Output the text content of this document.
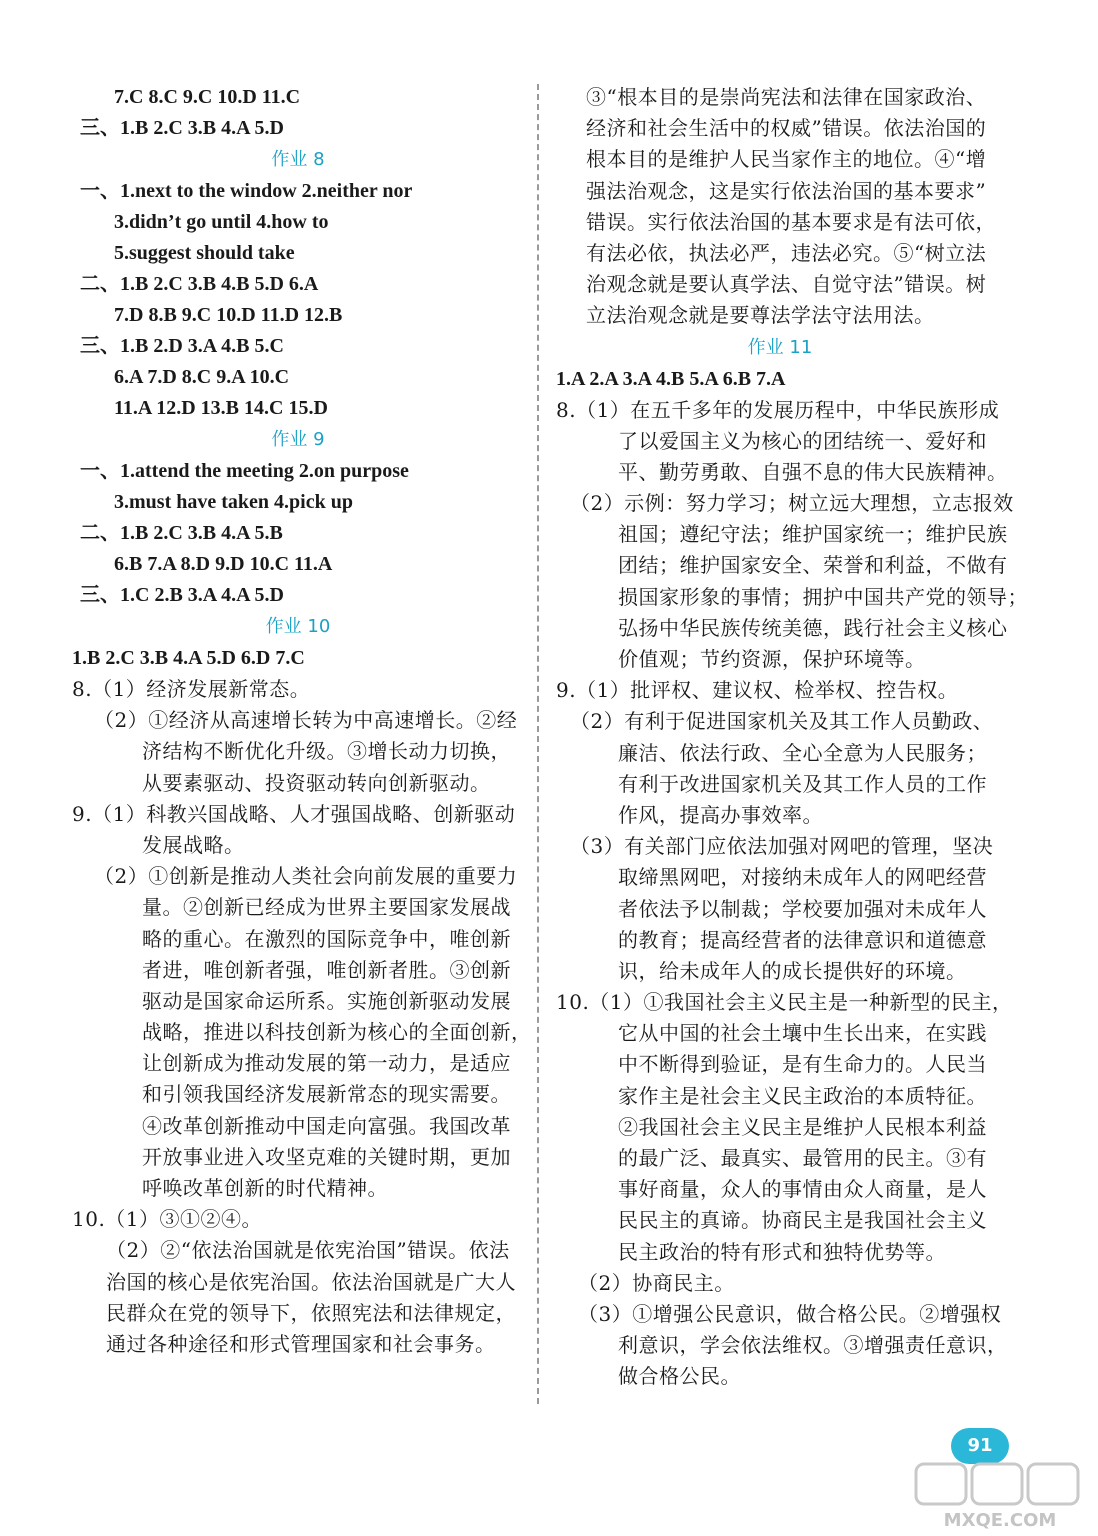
7.C 8.C 9.C 10.D 11.C
三、1.B 2.C 3.B 4.A 5.D
作业 8
一、1.next to the window 2.neither nor
3.didn’t go until 4.how to
5.suggest should take
二、1.B 2.C 3.B 4.B 5.D 6.A
7.D 8.B 9.C 10.D 11.D 12.B
三、1.B 2.D 3.A 4.B 5.C
6.A 7.D 8.C 9.A 10.C
11.A 12.D 13.B 14.C 15.D
作业 9
一、1.attend the meeting 2.on purpose
3.must have taken 4.pick up
二、1.B 2.C 3.B 4.A 5.B
6.B 7.A 8.D 9.D 10.C 11.A
三、1.C 2.B 3.A 4.A 5.D
作业 10
1.B 2.C 3.B 4.A 5.D 6.D 7.C
8.（1）经济发展新常态。
（2）①经济从高速增长转为中高速增长。②经
济结构不断优化升级。③增长动力切换，
从要素驱动、投资驱动转向创新驱动。
9.（1）科教兴国战略、人才强国战略、创新驱动
发展战略。
（2）①创新是推动人类社会向前发展的重要力
量。②创新已经成为世界主要国家发展战
略的重心。在激烈的国际竞争中，唯创新
者进，唯创新者强，唯创新者胜。③创新
驱动是国家命运所系。实施创新驱动发展
战略，推进以科技创新为核心的全面创新，
让创新成为推动发展的第一动力，是适应
和引领我国经济发展新常态的现实需要。
④改革创新推动中国走向富强。我国改革
开放事业进入攻坚克难的关键时期，更加
呼唤改革创新的时代精神。
10.（1）③①②④。
（2）②“依法治国就是依宪治国”错误。依法
治国的核心是依宪治国。依法治国就是广大人
民群众在党的领导下，依照宪法和法律规定，
通过各种途径和形式管理国家和社会事务。
③“根本目的是崇尚宪法和法律在国家政治、
经济和社会生活中的权威”错误。依法治国的
根本目的是维护人民当家作主的地位。④“增
强法治观念，这是实行依法治国的基本要求”
错误。实行依法治国的基本要求是有法可依，
有法必依，执法必严，违法必究。⑤“树立法
治观念就是要认真学法、自觉守法”错误。树
立法治观念就是要尊法学法守法用法。
作业 11
1.A 2.A 3.A 4.B 5.A 6.B 7.A
8.（1）在五千多年的发展历程中，中华民族形成
了以爱国主义为核心的团结统一、爱好和
平、勤劳勇敢、自强不息的伟大民族精神。
（2）示例：努力学习；树立远大理想，立志报效
祖国；遵纪守法；维护国家统一；维护民族
团结；维护国家安全、荣誉和利益，不做有
损国家形象的事情；拥护中国共产党的领导；
弘扬中华民族传统美德，践行社会主义核心
价值观；节约资源，保护环境等。
9.（1）批评权、建议权、检举权、控告权。
（2）有利于促进国家机关及其工作人员勤政、
廉洁、依法行政、全心全意为人民服务；
有利于改进国家机关及其工作人员的工作
作风，提高办事效率。
（3）有关部门应依法加强对网吧的管理，坚决
取缔黑网吧，对接纳未成年人的网吧经营
者依法予以制裁；学校要加强对未成年人
的教育；提高经营者的法律意识和道德意
识，给未成年人的成长提供好的环境。
10.（1）①我国社会主义民主是一种新型的民主，
它从中国的社会土壤中生长出来，在实践
中不断得到验证，是有生命力的。人民当
家作主是社会主义民主政治的本质特征。
②我国社会主义民主是维护人民根本利益
的最广泛、最真实、最管用的民主。③有
事好商量，众人的事情由众人商量，是人
民民主的真谛。协商民主是我国社会主义
民主政治的特有形式和独特优势等。
（2）协商民主。
（3）①增强公民意识，做合格公民。②增强权
利意识，学会依法维权。③增强责任意识，
做合格公民。
91
MXQE.COM
